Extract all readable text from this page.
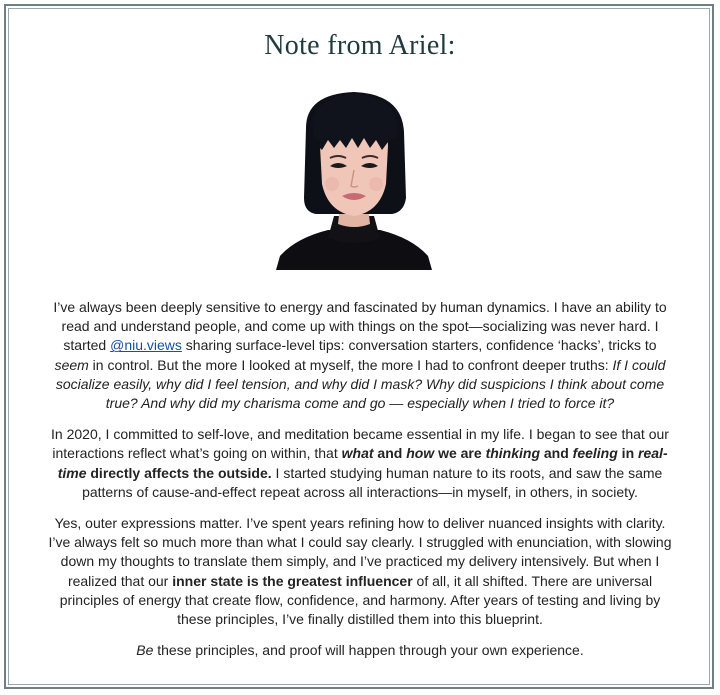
Note from Ariel:

I’ve always been deeply sensitive to energy and fascinated by human dynamics. I have an ability to read and understand people, and come up with things on the spot—socializing was never hard. I started @niu.views sharing surface-level tips: conversation starters, confidence ‘hacks’, tricks to seem in control. But the more I looked at myself, the more I had to confront deeper truths: If I could socialize easily, why did I feel tension, and why did I mask? Why did suspicions I think about come true? And why did my charisma come and go — especially when I tried to force it?

In 2020, I committed to self-love, and meditation became essential in my life. I began to see that our interactions reflect what’s going on within, that what and how we are thinking and feeling in real-time directly affects the outside. I started studying human nature to its roots, and saw the same patterns of cause-and-effect repeat across all interactions—in myself, in others, in society.

Yes, outer expressions matter. I’ve spent years refining how to deliver nuanced insights with clarity. I’ve always felt so much more than what I could say clearly. I struggled with enunciation, with slowing down my thoughts to translate them simply, and I’ve practiced my delivery intensively. But when I realized that our inner state is the greatest influencer of all, it all shifted. There are universal principles of energy that create flow, confidence, and harmony. After years of testing and living by these principles, I’ve finally distilled them into this blueprint.

Be these principles, and proof will happen through your own experience.
